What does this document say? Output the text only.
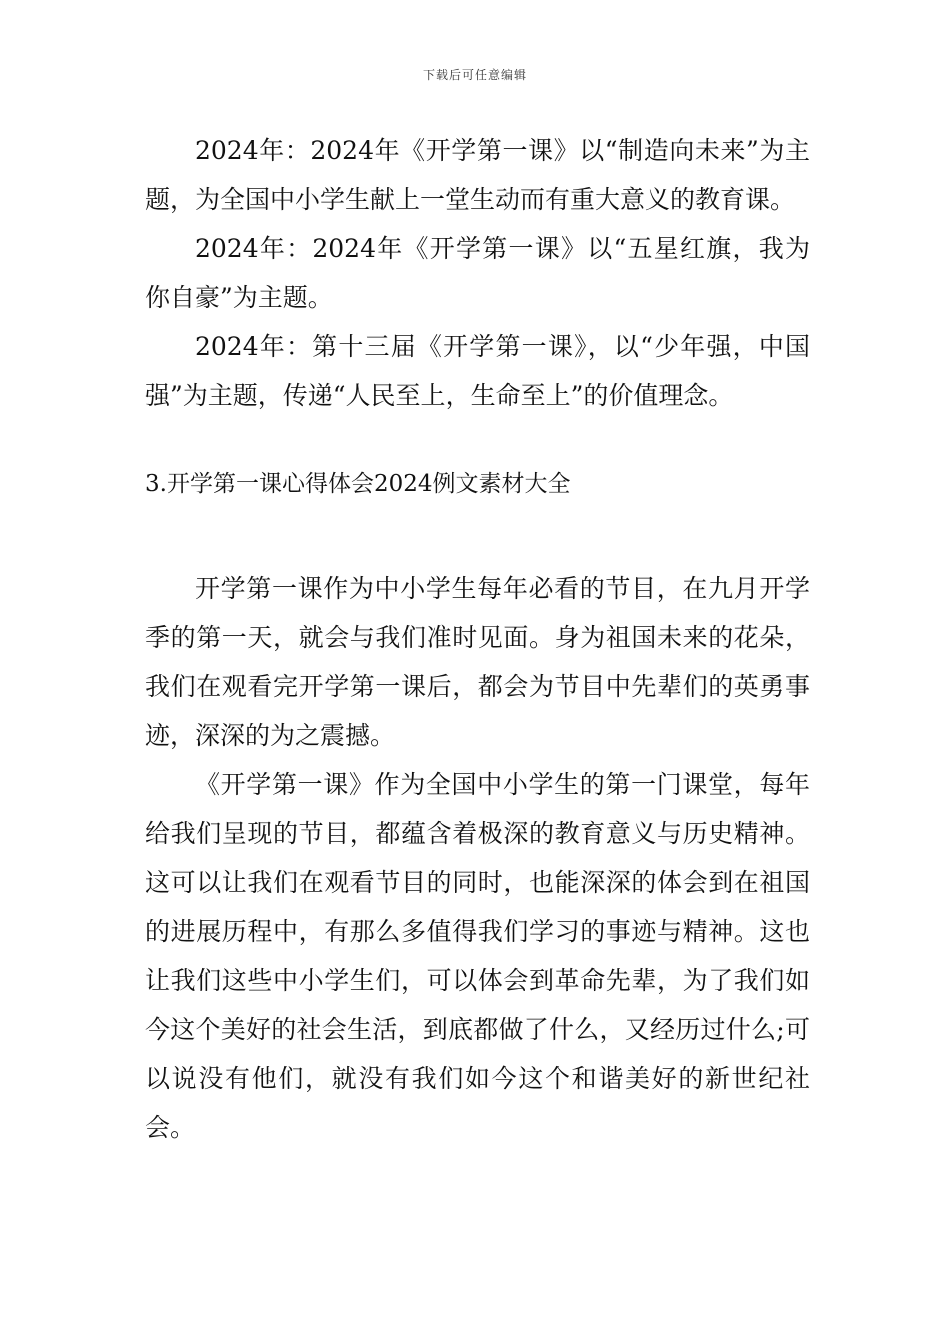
下载后可任意编辑

2024年：2024年《开学第一课》以“制造向未来”为主题，为全国中小学生献上一堂生动而有重大意义的教育课。

2024年：2024年《开学第一课》以“五星红旗，我为你自豪”为主题。

2024年：第十三届《开学第一课》，以“少年强，中国强”为主题，传递“人民至上，生命至上”的价值理念。

3.开学第一课心得体会2024例文素材大全

开学第一课作为中小学生每年必看的节目，在九月开学季的第一天，就会与我们准时见面。身为祖国未来的花朵，我们在观看完开学第一课后，都会为节目中先辈们的英勇事迹，深深的为之震撼。

《开学第一课》作为全国中小学生的第一门课堂，每年给我们呈现的节目，都蕴含着极深的教育意义与历史精神。这可以让我们在观看节目的同时，也能深深的体会到在祖国的进展历程中，有那么多值得我们学习的事迹与精神。这也让我们这些中小学生们，可以体会到革命先辈，为了我们如今这个美好的社会生活，到底都做了什么，又经历过什么;可以说没有他们，就没有我们如今这个和谐美好的新世纪社会。
